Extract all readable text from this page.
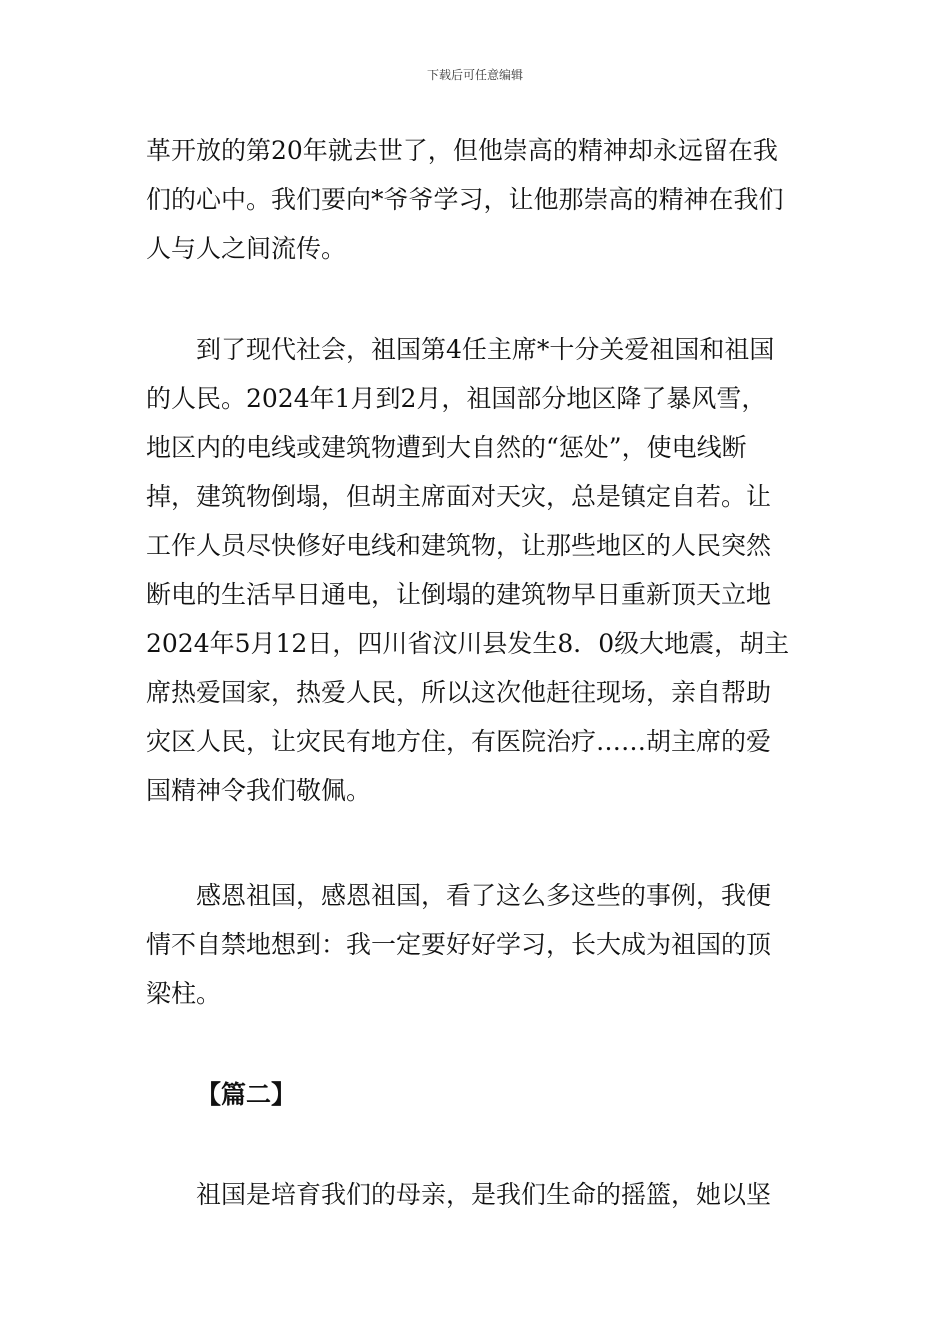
下载后可任意编辑
革开放的第20年就去世了，但他崇高的精神却永远留在我
们的心中。我们要向*爷爷学习，让他那崇高的精神在我们
人与人之间流传。
到了现代社会，祖国第4任主席*十分关爱祖国和祖国
的人民。2024年1月到2月，祖国部分地区降了暴风雪，
地区内的电线或建筑物遭到大自然的“惩处”，使电线断
掉，建筑物倒塌，但胡主席面对天灾，总是镇定自若。让
工作人员尽快修好电线和建筑物，让那些地区的人民突然
断电的生活早日通电，让倒塌的建筑物早日重新顶天立地
2024年5月12日，四川省汶川县发生8．0级大地震，胡主
席热爱国家，热爱人民，所以这次他赶往现场，亲自帮助
灾区人民，让灾民有地方住，有医院治疗……胡主席的爱
国精神令我们敬佩。
感恩祖国，感恩祖国，看了这么多这些的事例，我便
情不自禁地想到：我一定要好好学习，长大成为祖国的顶
梁柱。
【篇二】
祖国是培育我们的母亲，是我们生命的摇篮，她以坚
